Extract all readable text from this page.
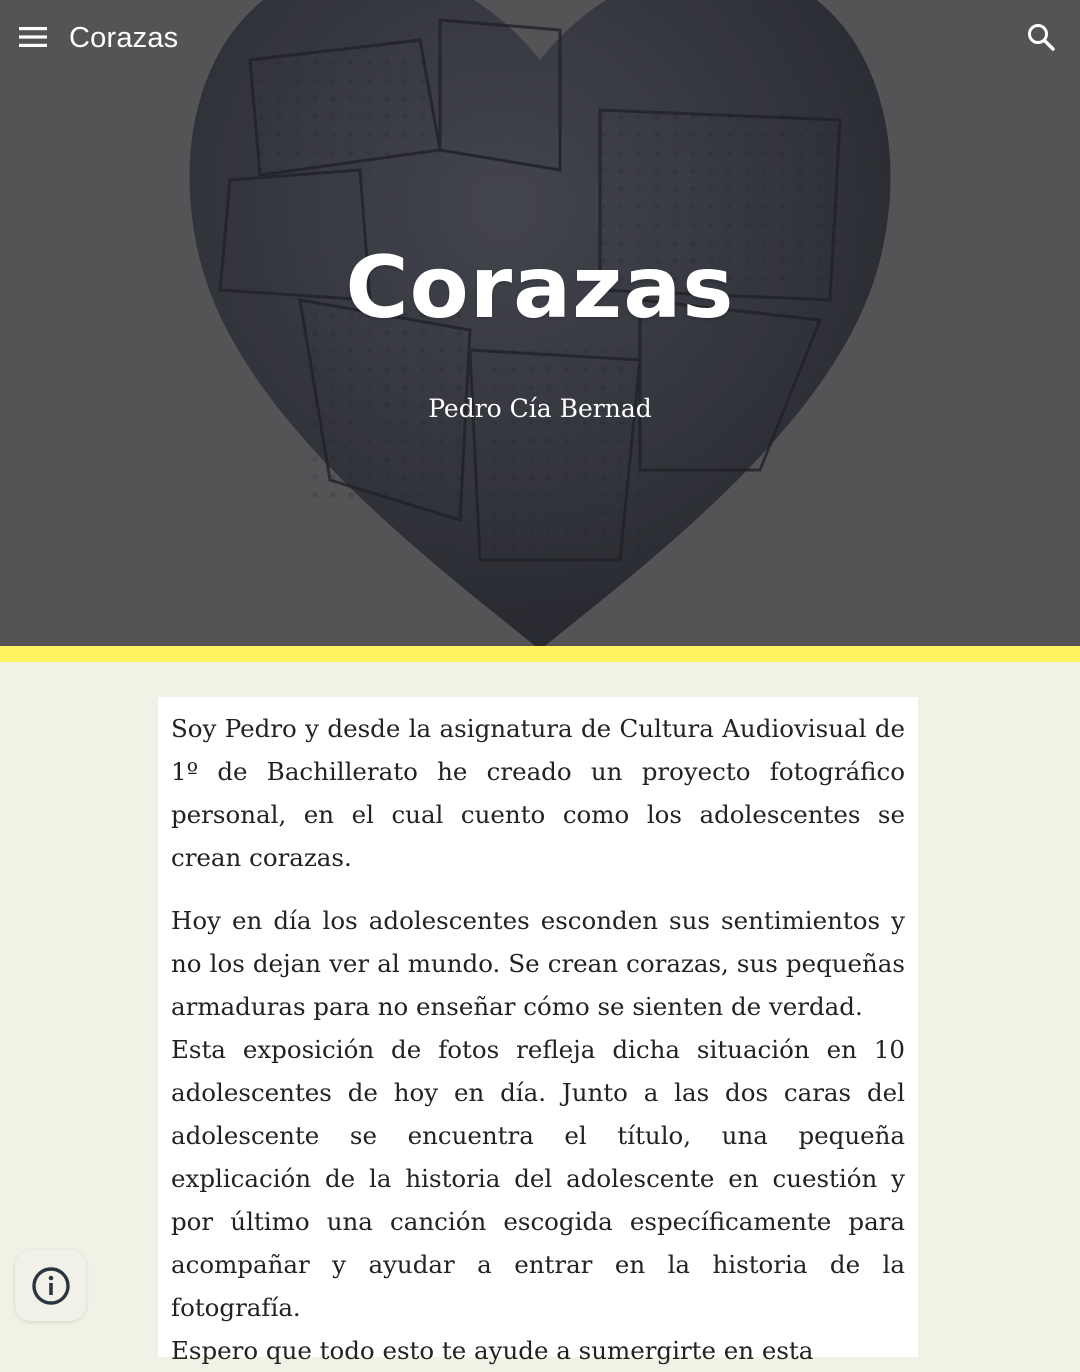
Corazas
Corazas
Pedro Cía Bernad

Soy Pedro y desde la asignatura de Cultura Audiovisual de 1º de Bachillerato he creado un proyecto fotográfico personal, en el cual cuento como los adolescentes se crean corazas.

Hoy en día los adolescentes esconden sus sentimientos y no los dejan ver al mundo. Se crean corazas, sus pequeñas armaduras para no enseñar cómo se sienten de verdad.

Esta exposición de fotos refleja dicha situación en 10 adolescentes de hoy en día. Junto a las dos caras del adolescente se encuentra el título, una pequeña explicación de la historia del adolescente en cuestión y por último una canción escogida específicamente para acompañar y ayudar a entrar en la historia de la fotografía.

Espero que todo esto te ayude a sumergirte en esta
